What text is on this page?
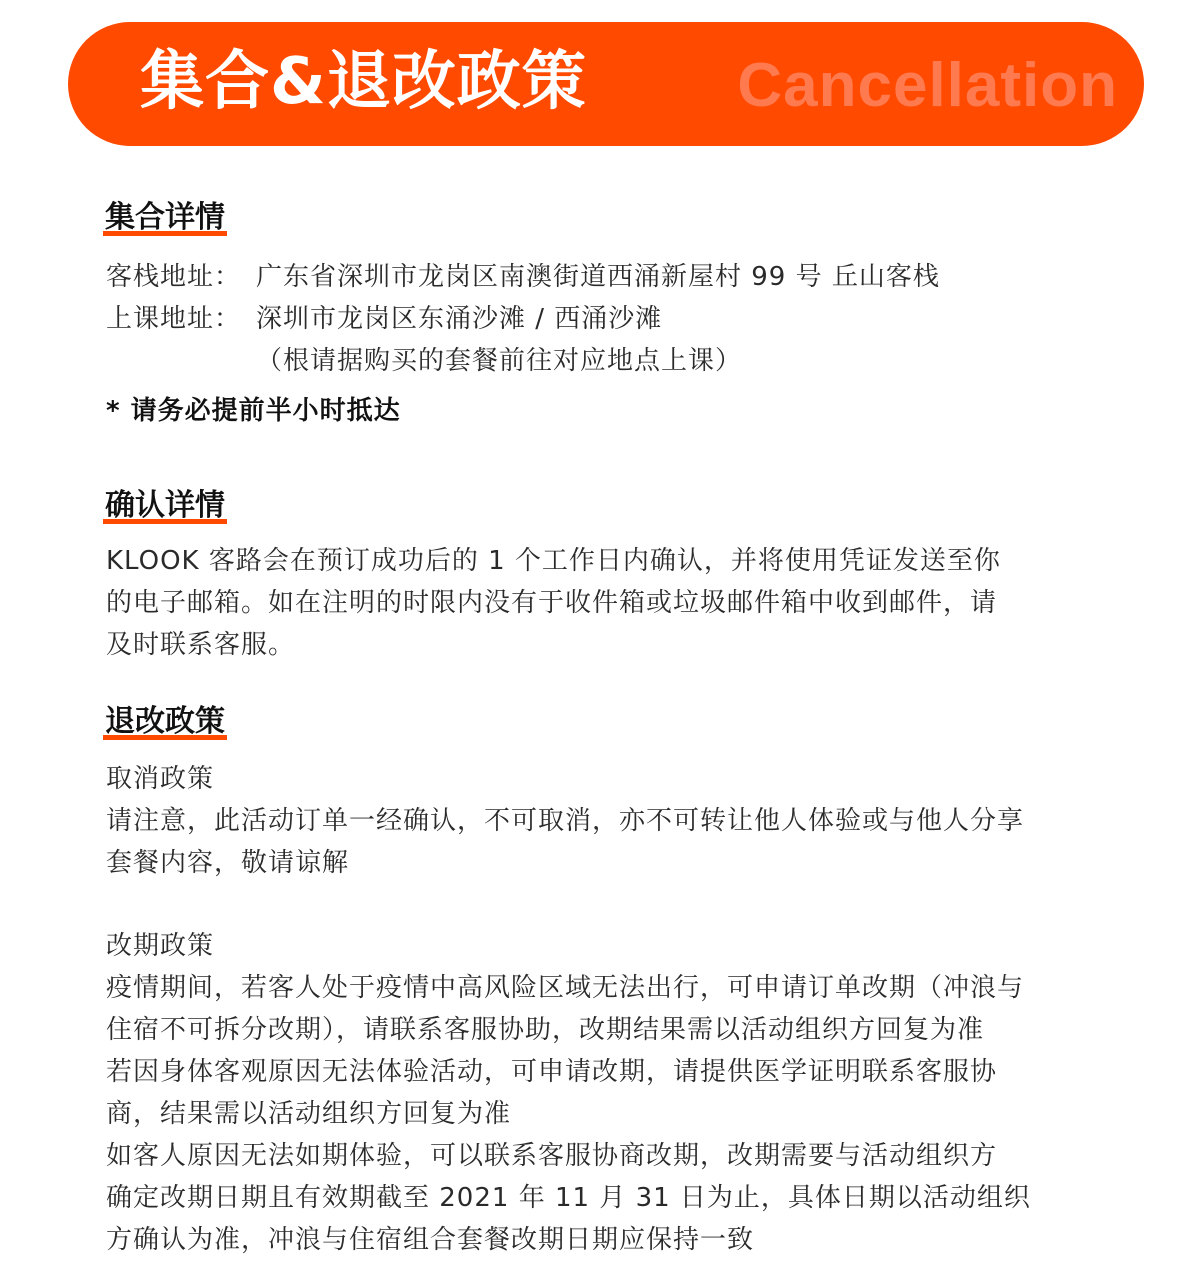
集合&退改政策 Cancellation
集合详情
客栈地址： 广东省深圳市龙岗区南澳街道西涌新屋村 99 号 丘山客栈
上课地址： 深圳市龙岗区东涌沙滩 / 西涌沙滩
（根请据购买的套餐前往对应地点上课）
* 请务必提前半小时抵达
确认详情
KLOOK 客路会在预订成功后的 1 个工作日内确认，并将使用凭证发送至你
的电子邮箱。如在注明的时限内没有于收件箱或垃圾邮件箱中收到邮件，请
及时联系客服。
退改政策
取消政策
请注意，此活动订单一经确认，不可取消，亦不可转让他人体验或与他人分享
套餐内容，敬请谅解
改期政策
疫情期间，若客人处于疫情中高风险区域无法出行，可申请订单改期（冲浪与
住宿不可拆分改期），请联系客服协助，改期结果需以活动组织方回复为准
若因身体客观原因无法体验活动，可申请改期，请提供医学证明联系客服协
商，结果需以活动组织方回复为准
如客人原因无法如期体验，可以联系客服协商改期，改期需要与活动组织方
确定改期日期且有效期截至 2021 年 11 月 31 日为止，具体日期以活动组织
方确认为准，冲浪与住宿组合套餐改期日期应保持一致
